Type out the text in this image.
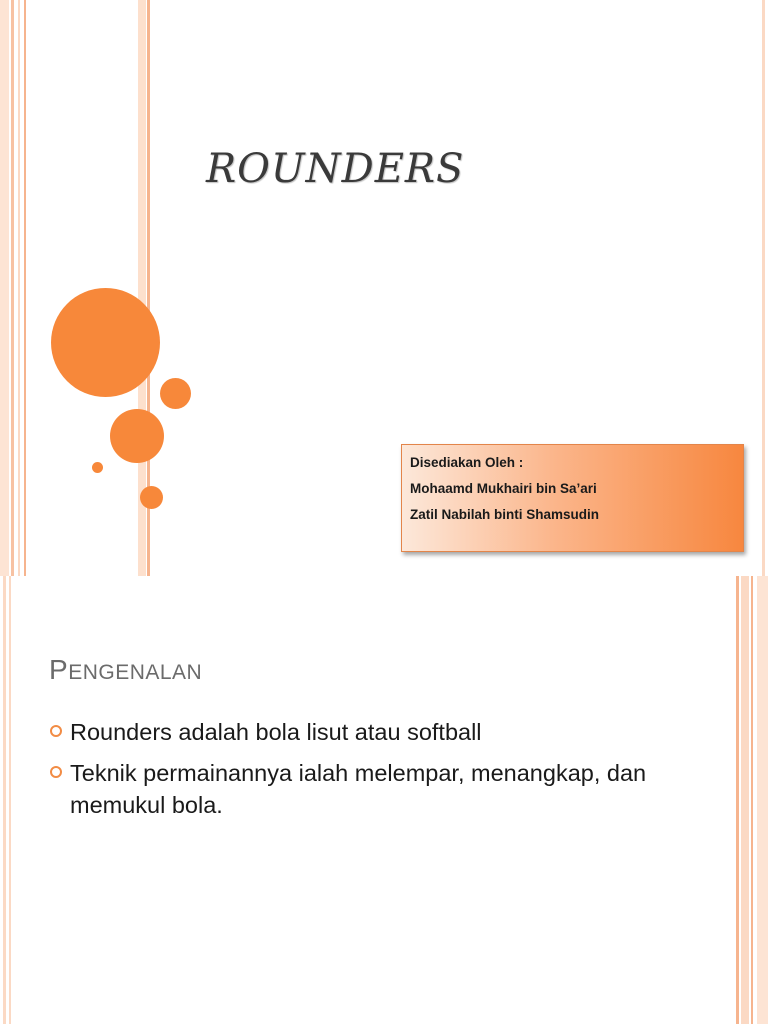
ROUNDERS
Disediakan Oleh :
Mohaamd Mukhairi bin Sa’ari
Zatil Nabilah binti Shamsudin
PENGENALAN
Rounders adalah bola lisut atau softball
Teknik permainannya ialah melempar, menangkap, dan memukul bola.
